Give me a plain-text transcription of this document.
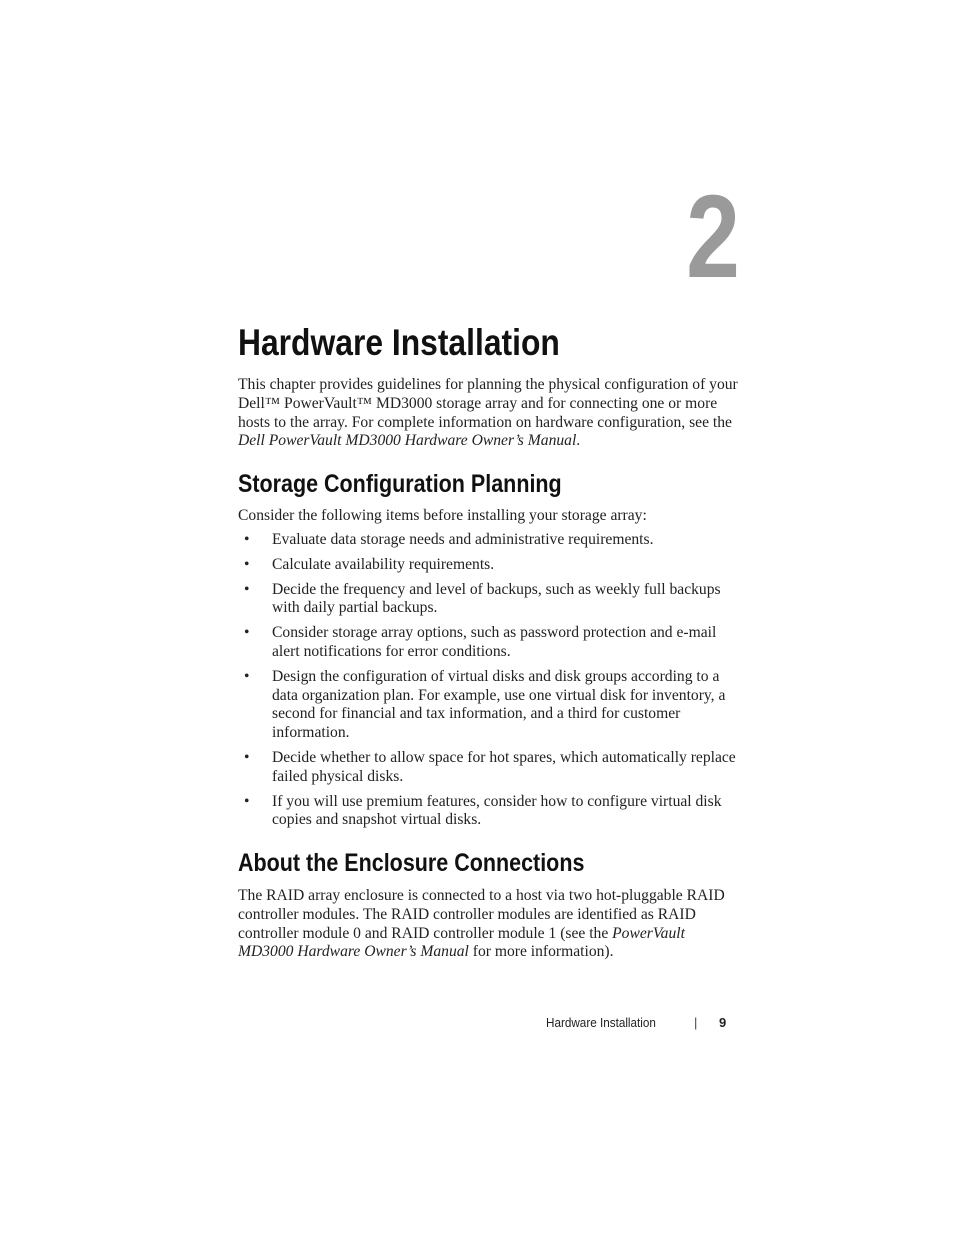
2
Hardware Installation

This chapter provides guidelines for planning the physical configuration of your Dell™ PowerVault™ MD3000 storage array and for connecting one or more hosts to the array. For complete information on hardware configuration, see the Dell PowerVault MD3000 Hardware Owner’s Manual.

Storage Configuration Planning

Consider the following items before installing your storage array:

• Evaluate data storage needs and administrative requirements.
• Calculate availability requirements.
• Decide the frequency and level of backups, such as weekly full backups with daily partial backups.
• Consider storage array options, such as password protection and e-mail alert notifications for error conditions.
• Design the configuration of virtual disks and disk groups according to a data organization plan. For example, use one virtual disk for inventory, a second for financial and tax information, and a third for customer information.
• Decide whether to allow space for hot spares, which automatically replace failed physical disks.
• If you will use premium features, consider how to configure virtual disk copies and snapshot virtual disks.
About the Enclosure Connections

The RAID array enclosure is connected to a host via two hot-pluggable RAID controller modules. The RAID controller modules are identified as RAID controller module 0 and RAID controller module 1 (see the PowerVault MD3000 Hardware Owner’s Manual for more information).

Hardware Installation	| 9
